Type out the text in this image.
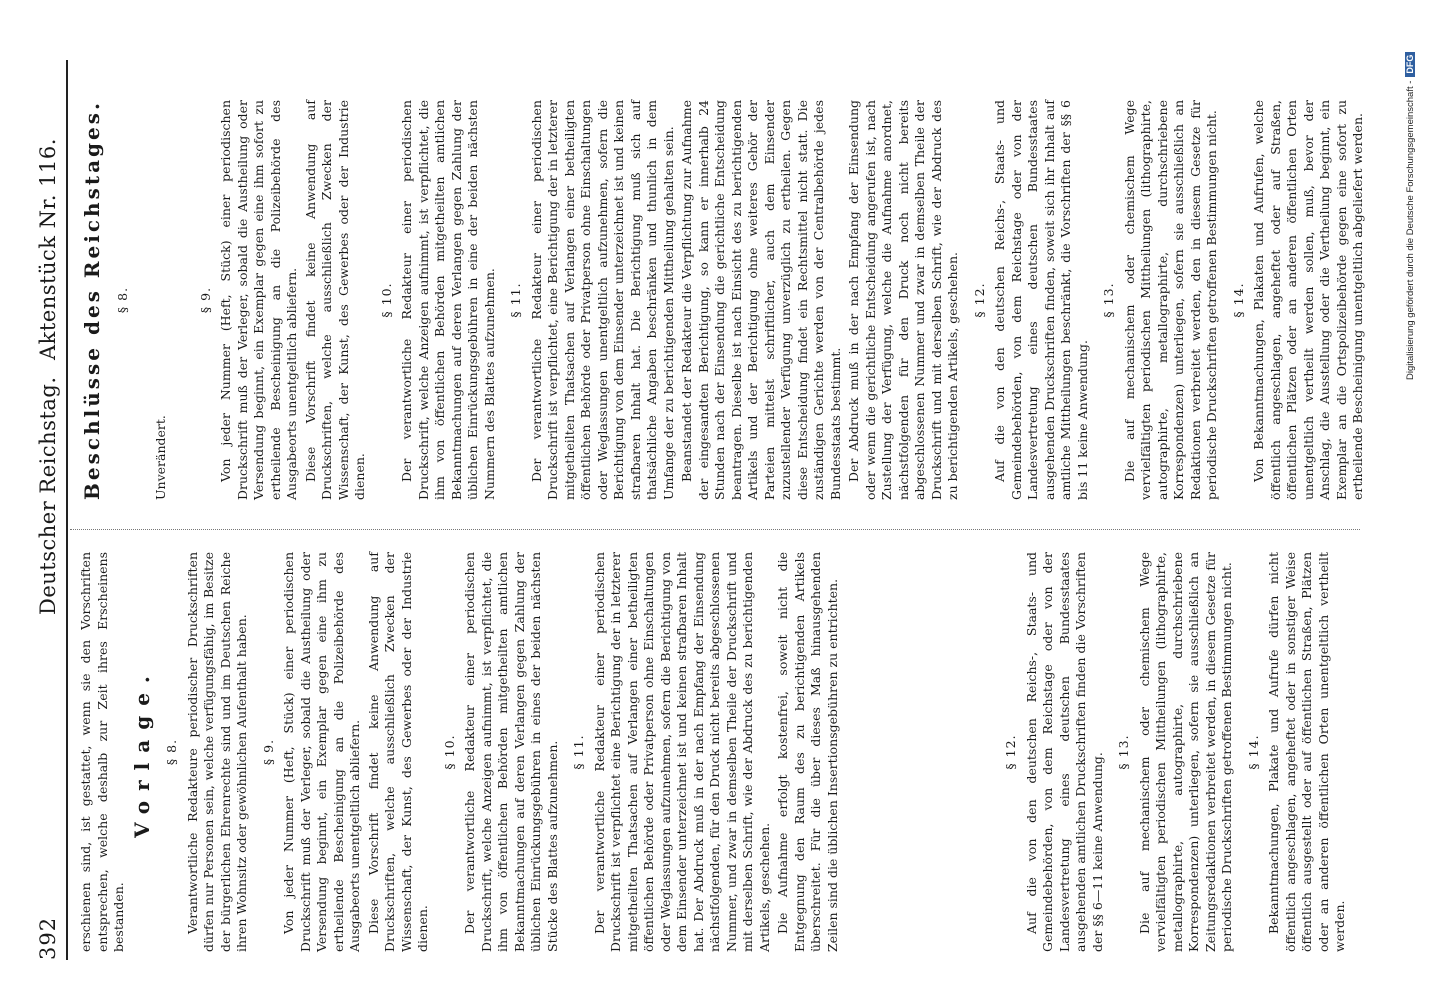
392
Deutscher Reichstag.
Aktenstück Nr. 116.
erschienen sind, ist gestattet, wenn sie den Vorschriften entsprechen, welche deshalb zur Zeit ihres Erscheinens bestanden.
Vorlage. § 8. Verantwortliche Redakteure periodischer Druckschriften dürfen nur Personen sein, welche verfügungsfähig, im Besitze der bürgerlichen Ehrenrechte sind und im Deutschen Reiche ihren Wohnsitz oder gewöhnlichen Aufenthalt haben. § 9. Von jeder Nummer (Heft, Stück) einer periodischen Druckschrift muß der Verleger, sobald die Austheilung oder Versendung beginnt, ein Exemplar gegen eine ihm zu ertheilende Bescheinigung an die Polizeibehörde des Ausgabeorts unentgeltlich abliefern. Diese Vorschrift findet keine Anwendung auf Druckschriften, welche ausschließlich Zwecken der Wissenschaft, der Kunst, des Gewerbes oder der Industrie dienen.
§ 10. Der verantwortliche Redakteur einer periodischen Druckschrift, welche Anzeigen aufnimmt, ist verpflichtet, die ihm von öffentlichen Behörden mitgetheilten amtlichen Bekanntmachungen auf deren Verlangen gegen Zahlung der üblichen Einrückungsgebühren in eines der beiden nächsten Stücke des Blattes aufzunehmen. § 11. Der verantwortliche Redakteur einer periodischen Druckschrift ist verpflichtet eine Berichtigung der in letzterer mitgetheilten Thatsachen auf Verlangen einer betheiligten öffentlichen Behörde oder Privatperson ohne Einschaltungen oder Weglassungen aufzunehmen, sofern die Berichtigung von dem Einsender unterzeichnet ist und keinen strafbaren Inhalt hat. Der Abdruck muß in der nach Empfang der Einsendung nächstfolgenden, für den Druck nicht bereits abgeschlossenen Nummer, und zwar in demselben Theile der Druckschrift und mit derselben Schrift, wie der Abdruck des zu berichtigenden Artikels, geschehen. Die Aufnahme erfolgt kostenfrei, soweit nicht die Entgegnung den Raum des zu berichtigenden Artikels überschreitet. Für die über dieses Maß hinausgehenden Zeilen sind die üblichen Insertionsgebühren zu entrichten.	§ 12. Auf die von den deutschen Reichs-, Staats- und Gemeindebehörden, von dem Reichstage oder von der Landesvertretung eines deutschen Bundesstaates ausgehenden amtlichen Druckschriften finden die Vorschriften der §§ 6—11 keine Anwendung.
§ 13. Die auf mechanischem oder chemischem Wege vervielfältigten periodischen Mittheilungen (lithographirte, metallographirte, autographirte, durchschriebene Korrespondenzen) unterliegen, sofern sie ausschließlich an Zeitungsredaktionen verbreitet werden, in diesem Gesetze für periodische Druckschriften getroffenen Bestimmungen nicht. § 14. Bekanntmachungen, Plakate und Aufrufe dürfen nicht öffentlich angeschlagen, angeheftet oder in sonstiger Weise öffentlich ausgestellt oder auf öffentlichen Straßen, Plätzen oder an anderen öffentlichen Orten unentgeltlich vertheilt werden.
Beschlüsse des Reichstages. § 8.
Unverändert.
§ 9. Von jeder Nummer (Heft, Stück) einer periodischen Druckschrift muß der Verleger, sobald die Austheilung oder Versendung beginnt, ein Exemplar gegen eine ihm sofort zu ertheilende Bescheinigung an die Polizeibehörde des Ausgabeorts unentgeltlich abliefern. Diese Vorschrift findet keine Anwendung auf Druckschriften, welche ausschließlich Zwecken der Wissenschaft, der Kunst, des Gewerbes oder der Industrie dienen.
§ 10. Der verantwortliche Redakteur einer periodischen Druckschrift, welche Anzeigen aufnimmt, ist verpflichtet, die ihm von öffentlichen Behörden mitgetheilten amtlichen Bekanntmachungen auf deren Verlangen gegen Zahlung der üblichen Einrückungsgebühren in eine der beiden nächsten Nummern des Blattes aufzunehmen. § 11. Der verantwortliche Redakteur einer periodischen Druckschrift ist verpflichtet, eine Berichtigung der in letzterer mitgetheilten Thatsachen auf Verlangen einer betheiligten öffentlichen Behörde oder Privatperson ohne Einschaltungen oder Weglassungen unentgeltlich aufzunehmen, sofern die Berichtigung von dem Einsender unterzeichnet ist und keinen strafbaren Inhalt hat. Die Berichtigung muß sich auf thatsächliche Angaben beschränken und thunlich in dem Umfange der zu berichtigenden Mittheilung gehalten sein. Beanstandet der Redakteur die Verpflichtung zur Aufnahme der eingesandten Berichtigung, so kann er innerhalb 24 Stunden nach der Einsendung die gerichtliche Entscheidung beantragen. Dieselbe ist nach Einsicht des zu berichtigenden Artikels und der Berichtigung ohne weiteres Gehör der Parteien mittelst schriftlicher, auch dem Einsender zuzustellender Verfügung unverzüglich zu ertheilen. Gegen diese Entscheidung findet ein Rechtsmittel nicht statt. Die zuständigen Gerichte werden von der Centralbehörde jedes Bundesstaats bestimmt. Der Abdruck muß in der nach Empfang der Einsendung oder wenn die gerichtliche Entscheidung angerufen ist, nach Zustellung der Verfügung, welche die Aufnahme anordnet, nächstfolgenden für den Druck noch nicht bereits abgeschlossenen Nummer und zwar in demselben Theile der Druckschrift und mit derselben Schrift, wie der Abdruck des zu berichtigenden Artikels, geschehen. § 12. Auf die von den deutschen Reichs-, Staats- und Gemeindebehörden, von dem Reichstage oder von der Landesvertretung eines deutschen Bundesstaates ausgehenden Druckschriften finden, soweit sich ihr Inhalt auf amtliche Mittheilungen beschränkt, die Vorschriften der §§ 6 bis 11 keine Anwendung.
§ 13. Die auf mechanischem oder chemischem Wege vervielfältigten periodischen Mittheilungen (lithographirte, autographirte, metallographirte, durchschriebene Korrespondenzen) unterliegen, sofern sie ausschließlich an Redaktionen verbreitet werden, den in diesem Gesetze für periodische Druckschriften getroffenen Bestimmungen nicht. § 14. Von Bekanntmachungen, Plakaten und Aufrufen, welche öffentlich angeschlagen, angeheftet oder auf Straßen, öffentlichen Plätzen oder an anderen öffentlichen Orten unentgeltlich vertheilt werden sollen, muß, bevor der Anschlag, die Ausstellung oder die Vertheilung beginnt, ein Exemplar an die Ortspolizeibehörde gegen eine sofort zu ertheilende Bescheinigung unentgeltlich abgeliefert werden.	Digitalisierung gefördert durch die Deutsche Forschungsgemeinschaft -DFG
